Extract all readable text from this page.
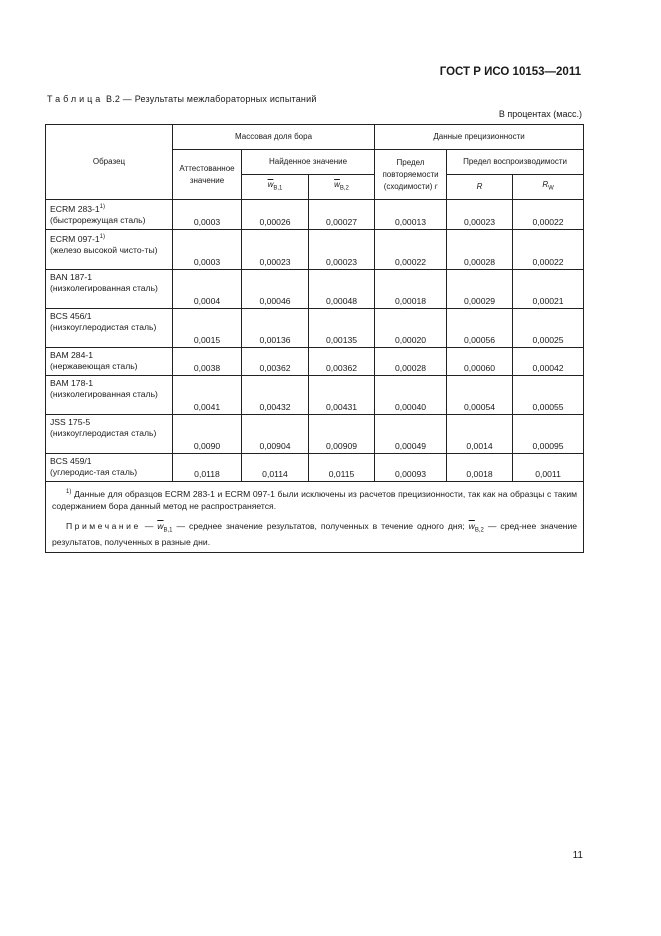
ГОСТ Р ИСО 10153—2011
Таблица В.2 — Результаты межлабораторных испытаний
В процентах (масс.)
Образец	Массовая доля бора			Данные прецизионности		
	Аттестованное значение	Найденное значение		Предел повторяемости (сходимости) r	Предел воспроизводимости	
		$\overline{w}_{B,1}$	$\overline{w}_{B,2}$		R	$R_W$
ECRM 283-1$^{1)}$
(быстрорежущая сталь)	0,0003	0,00026	0,00027	0,00013	0,00023	0,00022
ECRM 097-1$^{1)}$
(железо высокой чисто-ты)	0,0003	0,00023	0,00023	0,00022	0,00028	0,00022
BAN 187-1
(низколегированная сталь)	0,0004	0,00046	0,00048	0,00018	0,00029	0,00021
BCS 456/1
(низкоуглеродистая сталь)	0,0015	0,00136	0,00135	0,00020	0,00056	0,00025
BAM 284-1
(нержавеющая сталь)	0,0038	0,00362	0,00362	0,00028	0,00060	0,00042
BAM 178-1
(низколегированная сталь)	0,0041	0,00432	0,00431	0,00040	0,00054	0,00055
JSS 175-5
(низкоуглеродистая сталь)	0,0090	0,00904	0,00909	0,00049	0,0014	0,00095
BCS 459/1
(углеродис-тая сталь)	0,0118	0,0114	0,0115	0,00093	0,0018	0,0011

$^{1)}$ Данные для образцов ECRM 283-1 и ECRM 097-1 были исключены из расчетов прецизионности, так как на образцы с таким содержанием бора данный метод не распространяется.

Примечание — $\overline{w}_{B,1}$ — среднее значение результатов, полученных в течение одного дня; $\overline{w}_{B,2}$ — сред-нее значение результатов, полученных в разные дни.						

11
